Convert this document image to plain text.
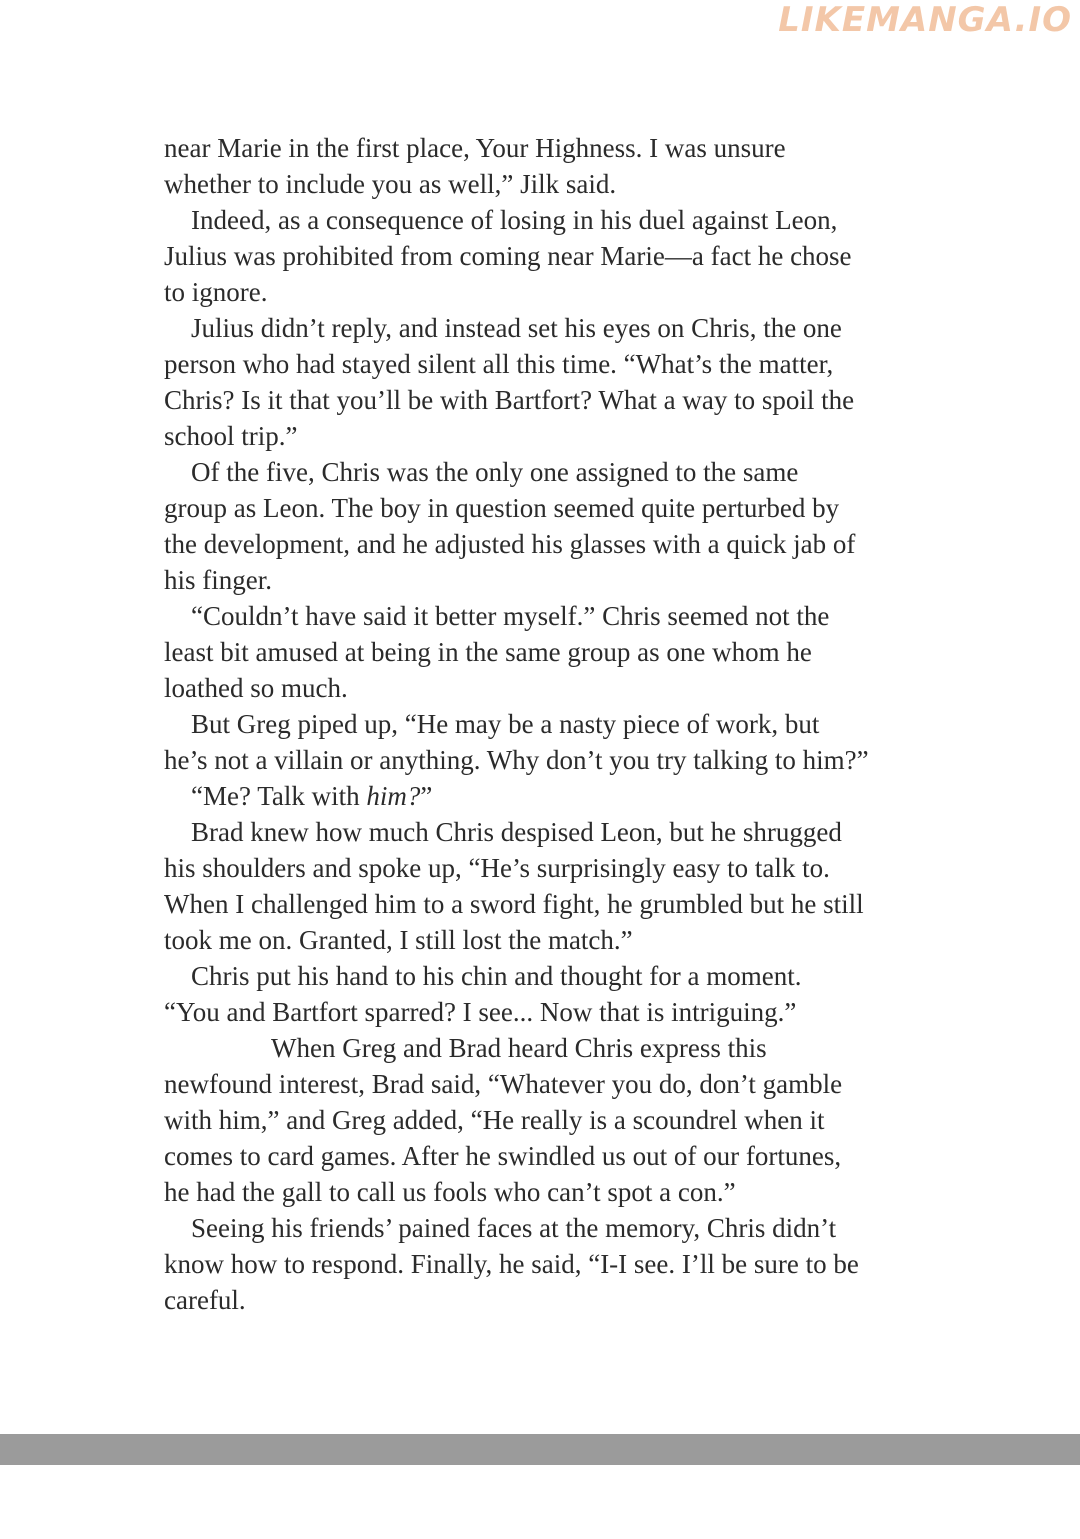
LIKEMANGA.IO
near Marie in the first place, Your Highness. I was unsure
whether to include you as well,” Jilk said.
Indeed, as a consequence of losing in his duel against Leon,
Julius was prohibited from coming near Marie—a fact he chose
to ignore.
Julius didn’t reply, and instead set his eyes on Chris, the one
person who had stayed silent all this time. “What’s the matter,
Chris? Is it that you’ll be with Bartfort? What a way to spoil the
school trip.”
Of the five, Chris was the only one assigned to the same
group as Leon. The boy in question seemed quite perturbed by
the development, and he adjusted his glasses with a quick jab of
his finger.
“Couldn’t have said it better myself.” Chris seemed not the
least bit amused at being in the same group as one whom he
loathed so much.
But Greg piped up, “He may be a nasty piece of work, but
he’s not a villain or anything. Why don’t you try talking to him?”
“Me? Talk with him?”
Brad knew how much Chris despised Leon, but he shrugged
his shoulders and spoke up, “He’s surprisingly easy to talk to.
When I challenged him to a sword fight, he grumbled but he still
took me on. Granted, I still lost the match.”
Chris put his hand to his chin and thought for a moment.
“You and Bartfort sparred? I see... Now that is intriguing.”
When Greg and Brad heard Chris express this
newfound interest, Brad said, “Whatever you do, don’t gamble
with him,” and Greg added, “He really is a scoundrel when it
comes to card games. After he swindled us out of our fortunes,
he had the gall to call us fools who can’t spot a con.”
Seeing his friends’ pained faces at the memory, Chris didn’t
know how to respond. Finally, he said, “I-I see. I’ll be sure to be
careful.
